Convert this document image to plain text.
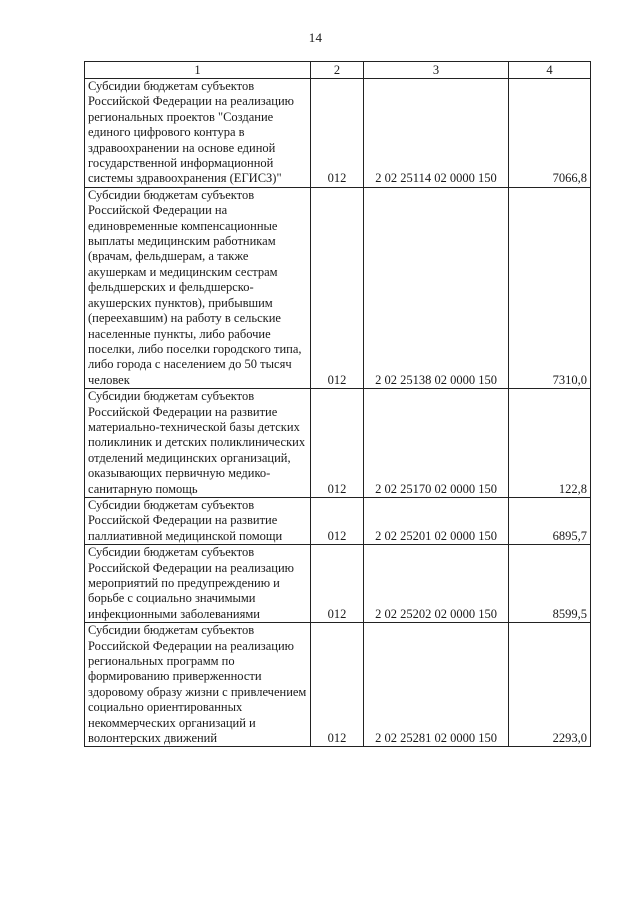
14
1	2	3	4
Субсидии бюджетам субъектов Российской Федерации на реализацию региональных проектов "Создание единого цифрового контура в здравоохранении на основе единой государственной информационной системы здравоохранения (ЕГИСЗ)"	012	2 02 25114 02 0000 150	7066,8
Субсидии бюджетам субъектов Российской Федерации на единовременные компенсационные выплаты медицинским работникам (врачам, фельдшерам, а также акушеркам и медицинским сестрам фельдшерских и фельдшерско-акушерских пунктов), прибывшим (переехавшим) на работу в сельские населенные пункты, либо рабочие поселки, либо поселки городского типа, либо города с населением до 50 тысяч человек	012	2 02 25138 02 0000 150	7310,0
Субсидии бюджетам субъектов Российской Федерации на развитие материально-технической базы детских поликлиник и детских поликлинических отделений медицинских организаций, оказывающих первичную медико-санитарную помощь	012	2 02 25170 02 0000 150	122,8
Субсидии бюджетам субъектов Российской Федерации на развитие паллиативной медицинской помощи	012	2 02 25201 02 0000 150	6895,7
Субсидии бюджетам субъектов Российской Федерации на реализацию мероприятий по предупреждению и борьбе с социально значимыми инфекционными заболеваниями	012	2 02 25202 02 0000 150	8599,5
Субсидии бюджетам субъектов Российской Федерации на реализацию региональных программ по формированию приверженности здоровому образу жизни с привлечением социально ориентированных некоммерческих организаций и волонтерских движений	012	2 02 25281 02 0000 150	2293,0
